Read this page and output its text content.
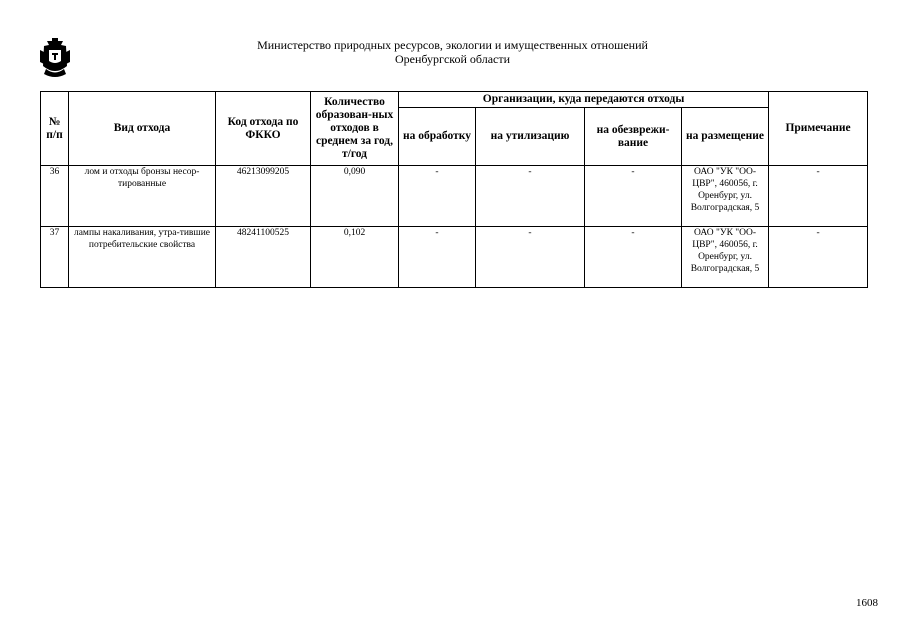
Министерство природных ресурсов, экологии и имущественных отношений
Оренбургской области
№ п/п	Вид отхода	Код отхода по ФККО	Количество образован-ных отходов в среднем за год, т/год	Организации, куда передаются отходы				Примечание
				на обработку	на утилизацию	на обезврежи-вание	на размещение	
36	лом и отходы бронзы несор-тированные	46213099205	0,090	-	-	-	ОАО "УК "ОО-ЦВР", 460056, г. Оренбург, ул. Волгоградская, 5	-
37	лампы накаливания, утра-тившие потребительские свойства	48241100525	0,102	-	-	-	ОАО "УК "ОО-ЦВР", 460056, г. Оренбург, ул. Волгоградская, 5	-
1608
